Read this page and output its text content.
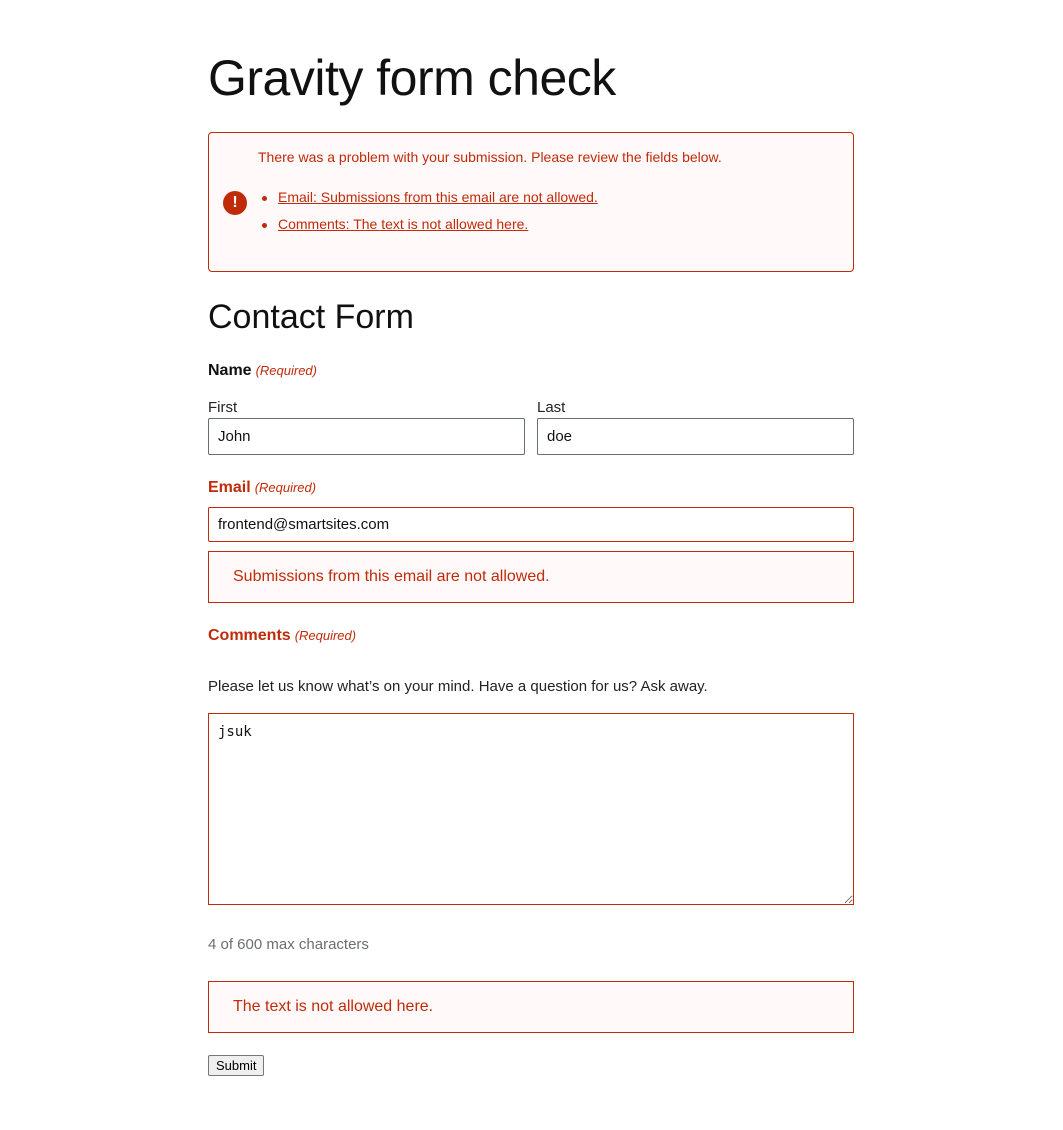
Gravity form check
!
There was a problem with your submission. Please review the fields below.
Email: Submissions from this email are not allowed.
Comments: The text is not allowed here.
Contact Form
Name (Required)
First
John	Last
doe
Email (Required)
frontend@smartsites.com
Submissions from this email are not allowed.
Comments (Required)
Please let us know what’s on your mind. Have a question for us? Ask away.
jsuk
4 of 600 max characters
The text is not allowed here.
Submit
